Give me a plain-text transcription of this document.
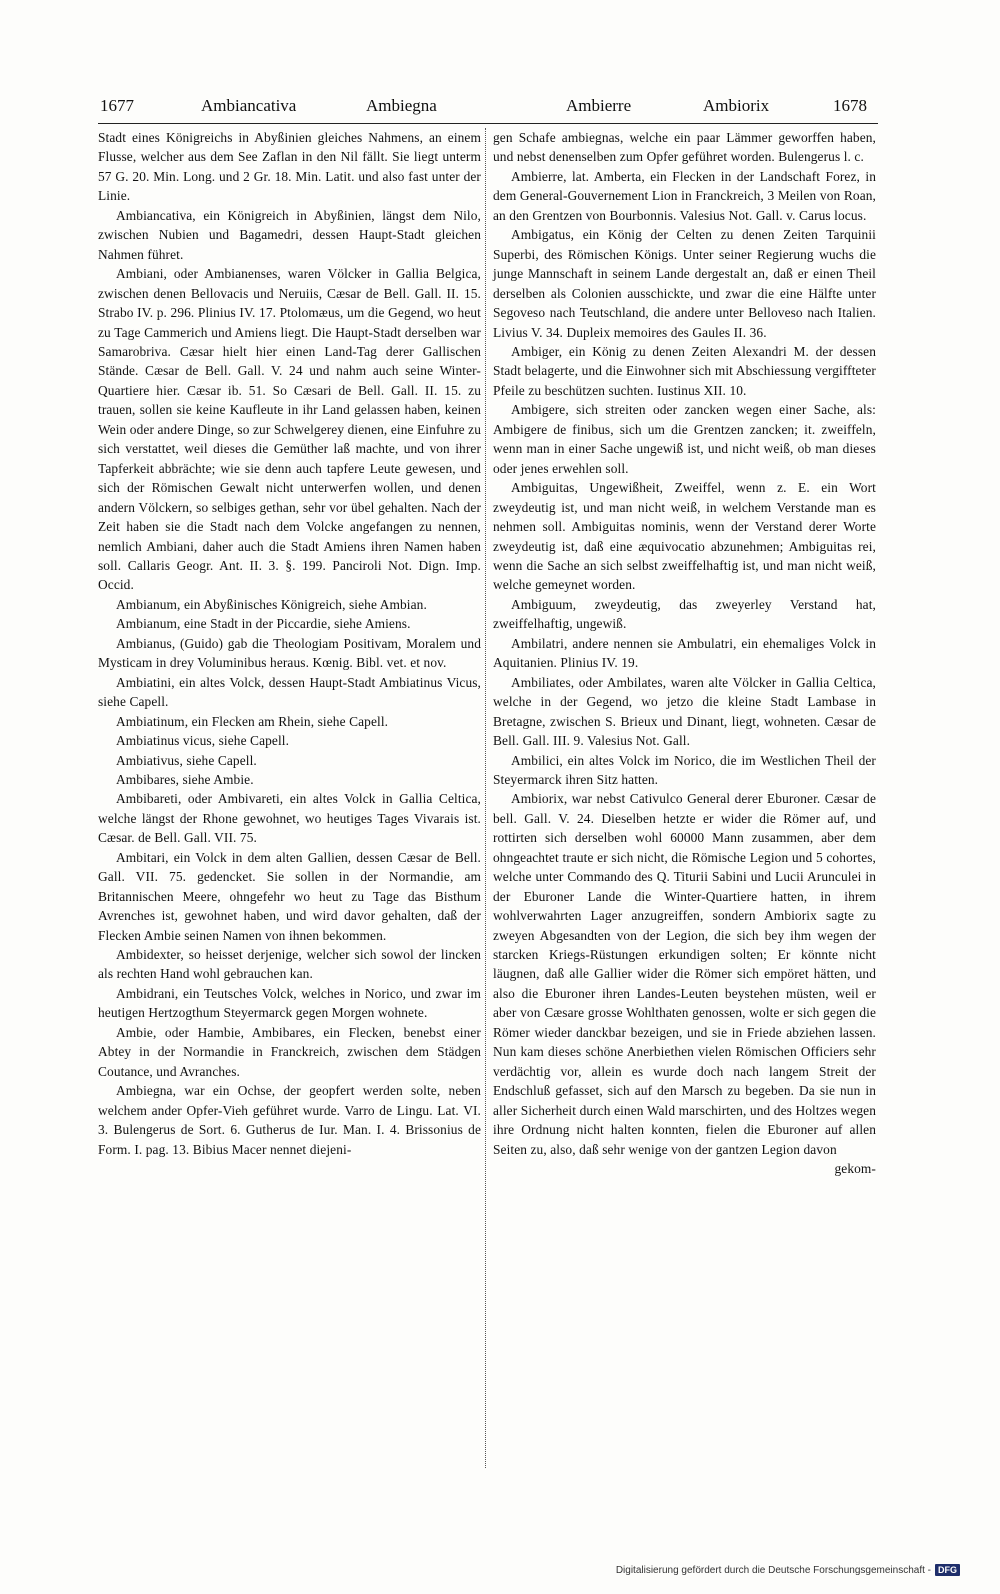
1677	Ambiancativa	Ambiegna	Ambierre	Ambiorix	1678

Stadt eines Königreichs in Abyßinien gleiches Nahmens, an einem Flusse, welcher aus dem See Zaflan in den Nil fällt. Sie liegt unterm 57 G. 20. Min. Long. und 2 Gr. 18. Min. Latit. und also fast unter der Linie.

Ambiancativa, ein Königreich in Abyßinien, längst dem Nilo, zwischen Nubien und Bagamedri, dessen Haupt-Stadt gleichen Nahmen führet.

Ambiani, oder Ambianenses, waren Völcker in Gallia Belgica, zwischen denen Bellovacis und Neruiis, Cæsar de Bell. Gall. II. 15. Strabo IV. p. 296. Plinius IV. 17. Ptolomæus, um die Gegend, wo heut zu Tage Cammerich und Amiens liegt. Die Haupt-Stadt derselben war Samarobriva. Cæsar hielt hier einen Land-Tag derer Gallischen Stände. Cæsar de Bell. Gall. V. 24 und nahm auch seine Winter-Quartiere hier. Cæsar ib. 51. So Cæsari de Bell. Gall. II. 15. zu trauen, sollen sie keine Kaufleute in ihr Land gelassen haben, keinen Wein oder andere Dinge, so zur Schwelgerey dienen, eine Einfuhre zu sich verstattet, weil dieses die Gemüther laß machte, und von ihrer Tapferkeit abbrächte; wie sie denn auch tapfere Leute gewesen, und sich der Römischen Gewalt nicht unterwerfen wollen, und denen andern Völckern, so selbiges gethan, sehr vor übel gehalten. Nach der Zeit haben sie die Stadt nach dem Volcke angefangen zu nennen, nemlich Ambiani, daher auch die Stadt Amiens ihren Namen haben soll. Callaris Geogr. Ant. II. 3. §. 199. Panciroli Not. Dign. Imp. Occid.

Ambianum, ein Abyßinisches Königreich, siehe Ambian.

Ambianum, eine Stadt in der Piccardie, siehe Amiens.

Ambianus, (Guido) gab die Theologiam Positivam, Moralem und Mysticam in drey Voluminibus heraus. Kœnig. Bibl. vet. et nov.

Ambiatini, ein altes Volck, dessen Haupt-Stadt Ambiatinus Vicus, siehe Capell.

Ambiatinum, ein Flecken am Rhein, siehe Capell.

Ambiatinus vicus, siehe Capell.

Ambiativus, siehe Capell.

Ambibares, siehe Ambie.

Ambibareti, oder Ambivareti, ein altes Volck in Gallia Celtica, welche längst der Rhone gewohnet, wo heutiges Tages Vivarais ist. Cæsar. de Bell. Gall. VII. 75.

Ambitari, ein Volck in dem alten Gallien, dessen Cæsar de Bell. Gall. VII. 75. gedencket. Sie sollen in der Normandie, am Britannischen Meere, ohngefehr wo heut zu Tage das Bisthum Avrenches ist, gewohnet haben, und wird davor gehalten, daß der Flecken Ambie seinen Namen von ihnen bekommen.

Ambidexter, so heisset derjenige, welcher sich sowol der lincken als rechten Hand wohl gebrauchen kan.

Ambidrani, ein Teutsches Volck, welches in Norico, und zwar im heutigen Hertzogthum Steyermarck gegen Morgen wohnete.

Ambie, oder Hambie, Ambibares, ein Flecken, benebst einer Abtey in der Normandie in Franckreich, zwischen dem Städgen Coutance, und Avranches.

Ambiegna, war ein Ochse, der geopfert werden solte, neben welchem ander Opfer-Vieh geführet wurde. Varro de Lingu. Lat. VI. 3. Bulengerus de Sort. 6. Gutherus de Iur. Man. I. 4. Brissonius de Form. I. pag. 13. Bibius Macer nennet diejeni-

gen Schafe ambiegnas, welche ein paar Lämmer geworffen haben, und nebst denenselben zum Opfer geführet worden. Bulengerus l. c.

Ambierre, lat. Amberta, ein Flecken in der Landschaft Forez, in dem General-Gouvernement Lion in Franckreich, 3 Meilen von Roan, an den Grentzen von Bourbonnis. Valesius Not. Gall. v. Carus locus.

Ambigatus, ein König der Celten zu denen Zeiten Tarquinii Superbi, des Römischen Königs. Unter seiner Regierung wuchs die junge Mannschaft in seinem Lande dergestalt an, daß er einen Theil derselben als Colonien ausschickte, und zwar die eine Hälfte unter Segoveso nach Teutschland, die andere unter Belloveso nach Italien. Livius V. 34. Dupleix memoires des Gaules II. 36.

Ambiger, ein König zu denen Zeiten Alexandri M. der dessen Stadt belagerte, und die Einwohner sich mit Abschiessung vergiffteter Pfeile zu beschützen suchten. Iustinus XII. 10.

Ambigere, sich streiten oder zancken wegen einer Sache, als: Ambigere de finibus, sich um die Grentzen zancken; it. zweiffeln, wenn man in einer Sache ungewiß ist, und nicht weiß, ob man dieses oder jenes erwehlen soll.

Ambiguitas, Ungewißheit, Zweiffel, wenn z. E. ein Wort zweydeutig ist, und man nicht weiß, in welchem Verstande man es nehmen soll. Ambiguitas nominis, wenn der Verstand derer Worte zweydeutig ist, daß eine æquivocatio abzunehmen; Ambiguitas rei, wenn die Sache an sich selbst zweiffelhaftig ist, und man nicht weiß, welche gemeynet worden.

Ambiguum, zweydeutig, das zweyerley Verstand hat, zweiffelhaftig, ungewiß.

Ambilatri, andere nennen sie Ambulatri, ein ehemaliges Volck in Aquitanien. Plinius IV. 19.

Ambiliates, oder Ambilates, waren alte Völcker in Gallia Celtica, welche in der Gegend, wo jetzo die kleine Stadt Lambase in Bretagne, zwischen S. Brieux und Dinant, liegt, wohneten. Cæsar de Bell. Gall. III. 9. Valesius Not. Gall.

Ambilici, ein altes Volck im Norico, die im Westlichen Theil der Steyermarck ihren Sitz hatten.

Ambiorix, war nebst Cativulco General derer Eburoner. Cæsar de bell. Gall. V. 24. Dieselben hetzte er wider die Römer auf, und rottirten sich derselben wohl 60000 Mann zusammen, aber dem ohngeachtet traute er sich nicht, die Römische Legion und 5 cohortes, welche unter Commando des Q. Titurii Sabini und Lucii Arunculei in der Eburoner Lande die Winter-Quartiere hatten, in ihrem wohlverwahrten Lager anzugreiffen, sondern Ambiorix sagte zu zweyen Abgesandten von der Legion, die sich bey ihm wegen der starcken Kriegs-Rüstungen erkundigen solten; Er könnte nicht läugnen, daß alle Gallier wider die Römer sich empöret hätten, und also die Eburoner ihren Landes-Leuten beystehen müsten, weil er aber von Cæsare grosse Wohlthaten genossen, wolte er sich gegen die Römer wieder danckbar bezeigen, und sie in Friede abziehen lassen. Nun kam dieses schöne Anerbiethen vielen Römischen Officiers sehr verdächtig vor, allein es wurde doch nach langem Streit der Endschluß gefasset, sich auf den Marsch zu begeben. Da sie nun in aller Sicherheit durch einen Wald marschirten, und des Holtzes wegen ihre Ordnung nicht halten konnten, fielen die Eburoner auf allen Seiten zu, also, daß sehr wenige von der gantzen Legion davon

gekom-

Digitalisierung gefördert durch die Deutsche Forschungsgemeinschaft - DFG
